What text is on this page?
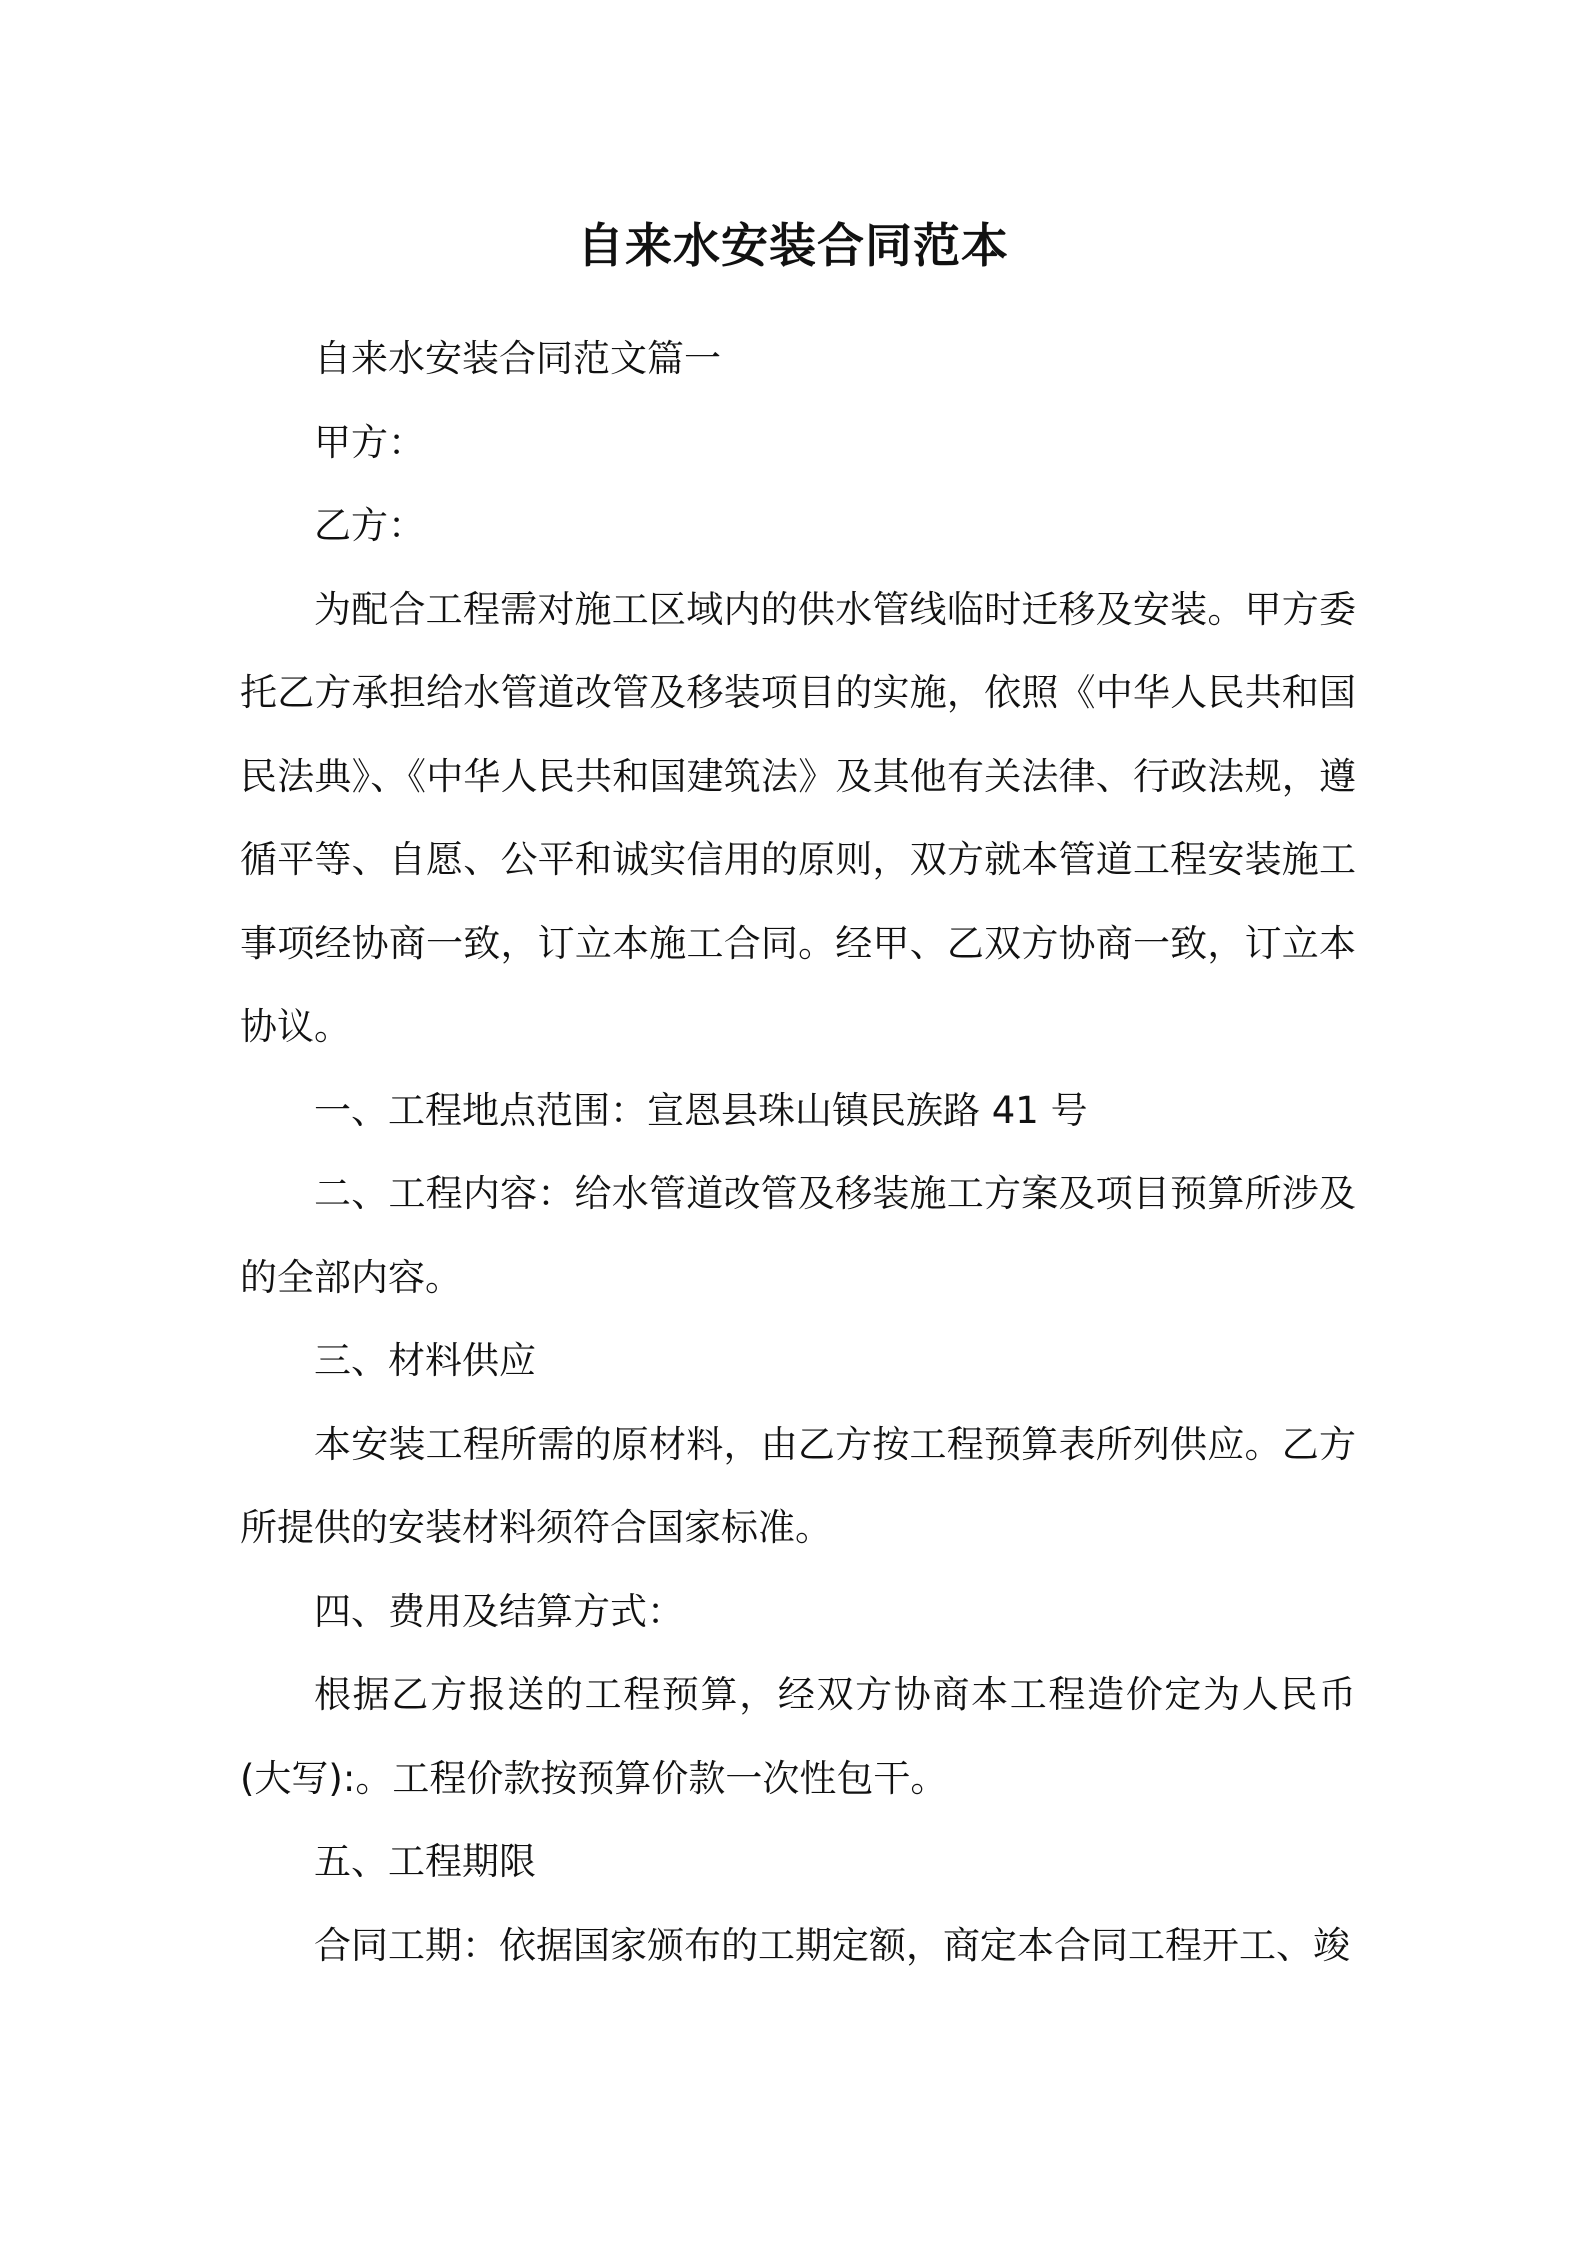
自来水安装合同范本

自来水安装合同范文篇一

甲方：

乙方：

为配合工程需对施工区域内的供水管线临时迁移及安装。甲方委托乙方承担给水管道改管及移装项目的实施，依照《中华人民共和国民法典》、《中华人民共和国建筑法》及其他有关法律、行政法规，遵循平等、自愿、公平和诚实信用的原则，双方就本管道工程安装施工事项经协商一致，订立本施工合同。经甲、乙双方协商一致，订立本协议。

一、工程地点范围：宣恩县珠山镇民族路 41 号

二、工程内容：给水管道改管及移装施工方案及项目预算所涉及的全部内容。

三、材料供应

本安装工程所需的原材料，由乙方按工程预算表所列供应。乙方所提供的安装材料须符合国家标准。

四、费用及结算方式：

根据乙方报送的工程预算，经双方协商本工程造价定为人民币(大写):。工程价款按预算价款一次性包干。

五、工程期限

合同工期：依据国家颁布的工期定额，商定本合同工程开工、竣
